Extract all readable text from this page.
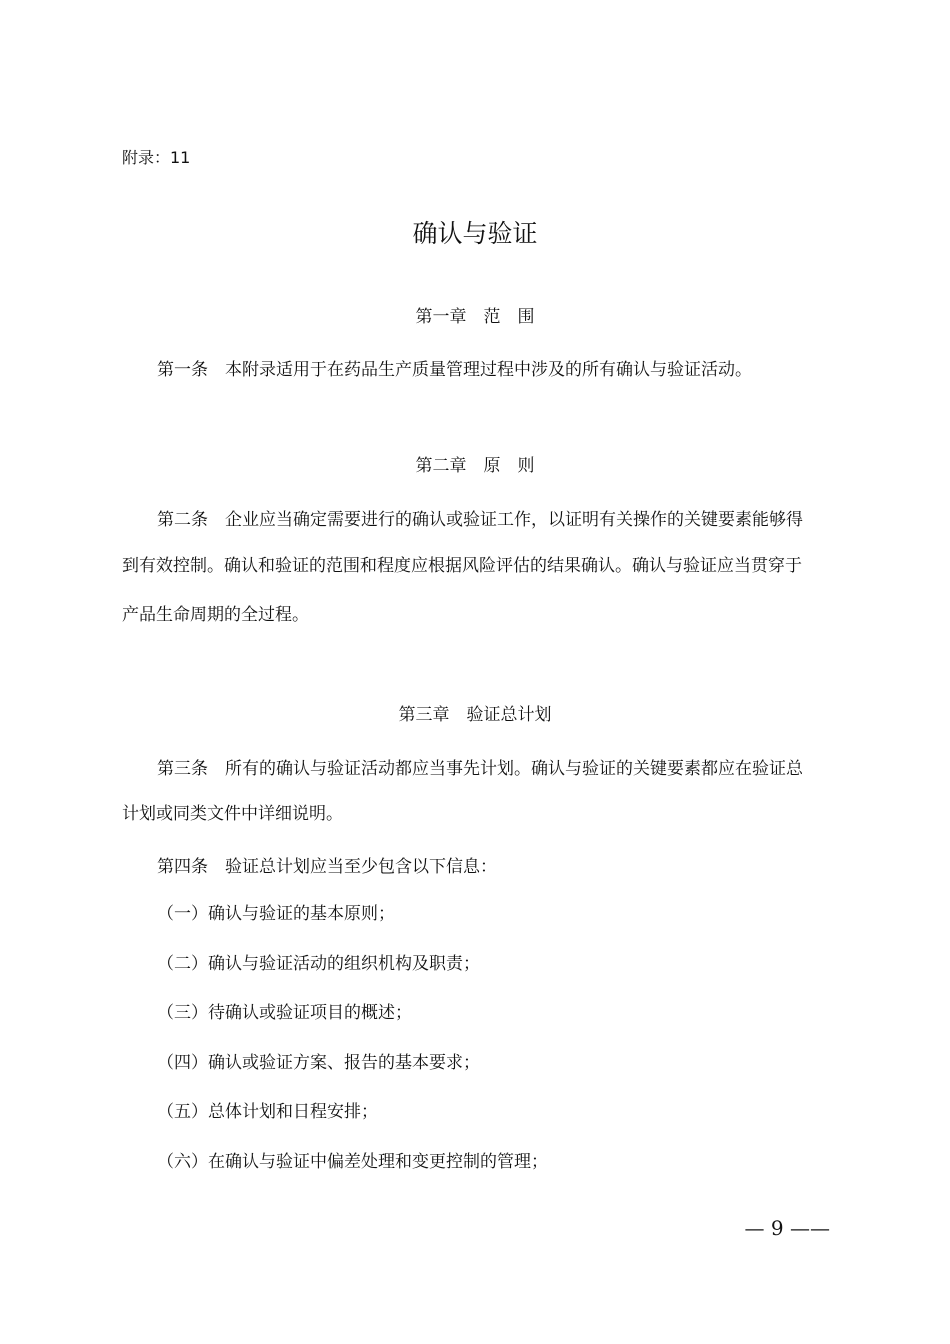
附录：11
确认与验证
第一章　范　围
第一条　本附录适用于在药品生产质量管理过程中涉及的所有确认与验证活动。
第二章　原　则
第二条　企业应当确定需要进行的确认或验证工作，以证明有关操作的关键要素能够得
到有效控制。确认和验证的范围和程度应根据风险评估的结果确认。确认与验证应当贯穿于
产品生命周期的全过程。
第三章　验证总计划
第三条　所有的确认与验证活动都应当事先计划。确认与验证的关键要素都应在验证总
计划或同类文件中详细说明。
第四条　验证总计划应当至少包含以下信息：
（一）确认与验证的基本原则；
（二）确认与验证活动的组织机构及职责；
（三）待确认或验证项目的概述；
（四）确认或验证方案、报告的基本要求；
（五）总体计划和日程安排；
（六）在确认与验证中偏差处理和变更控制的管理；
— 9 ——
